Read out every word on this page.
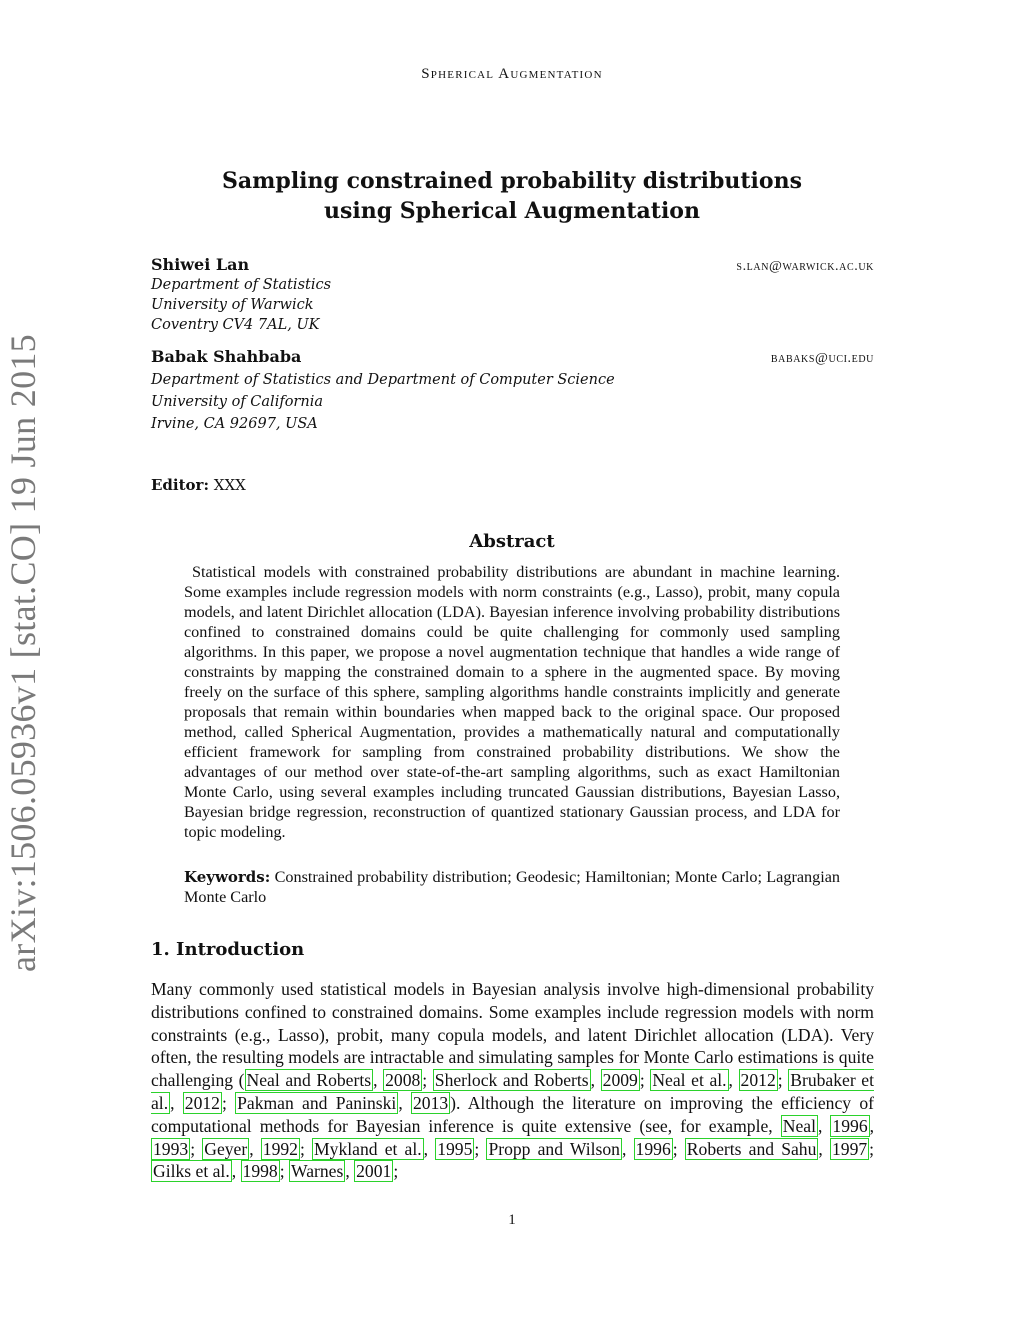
Spherical Augmentation
Sampling constrained probability distributions
using Spherical Augmentation
Shiwei Lan	s.lan@warwick.ac.uk
Department of Statistics
University of Warwick
Coventry CV4 7AL, UK
Babak Shahbaba	babaks@uci.edu
Department of Statistics and Department of Computer Science
University of California
Irvine, CA 92697, USA
Editor: XXX
Abstract
Statistical models with constrained probability distributions are abundant in machine learning. Some examples include regression models with norm constraints (e.g., Lasso), probit, many copula models, and latent Dirichlet allocation (LDA). Bayesian inference involving probability distributions confined to constrained domains could be quite challenging for commonly used sampling algorithms. In this paper, we propose a novel augmentation technique that handles a wide range of constraints by mapping the constrained domain to a sphere in the augmented space. By moving freely on the surface of this sphere, sampling algorithms handle constraints implicitly and generate proposals that remain within boundaries when mapped back to the original space. Our proposed method, called Spherical Augmentation, provides a mathematically natural and computationally efficient framework for sampling from constrained probability distributions. We show the advantages of our method over state-of-the-art sampling algorithms, such as exact Hamiltonian Monte Carlo, using several examples including truncated Gaussian distributions, Bayesian Lasso, Bayesian bridge regression, reconstruction of quantized stationary Gaussian process, and LDA for topic modeling.
Keywords: Constrained probability distribution; Geodesic; Hamiltonian; Monte Carlo; Lagrangian Monte Carlo
1. Introduction
Many commonly used statistical models in Bayesian analysis involve high-dimensional probability distributions confined to constrained domains. Some examples include regression models with norm constraints (e.g., Lasso), probit, many copula models, and latent Dirichlet allocation (LDA). Very often, the resulting models are intractable and simulating samples for Monte Carlo estimations is quite challenging ( Neal and Roberts , 2008 ; Sherlock and Roberts , 2009 ; Neal et al. , 2012 ; Brubaker et al. , 2012 ; Pakman and Paninski , 2013 ). Although the literature on improving the efficiency of computational methods for Bayesian inference is quite extensive (see, for example, Neal , 1996 , 1993 ; Geyer , 1992 ; Mykland et al. , 1995 ; Propp and Wilson , 1996 ; Roberts and Sahu , 1997 ; Gilks et al. , 1998 ; Warnes , 2001 ;
arXiv:1506.05936v1 [stat.CO] 19 Jun 2015
1
